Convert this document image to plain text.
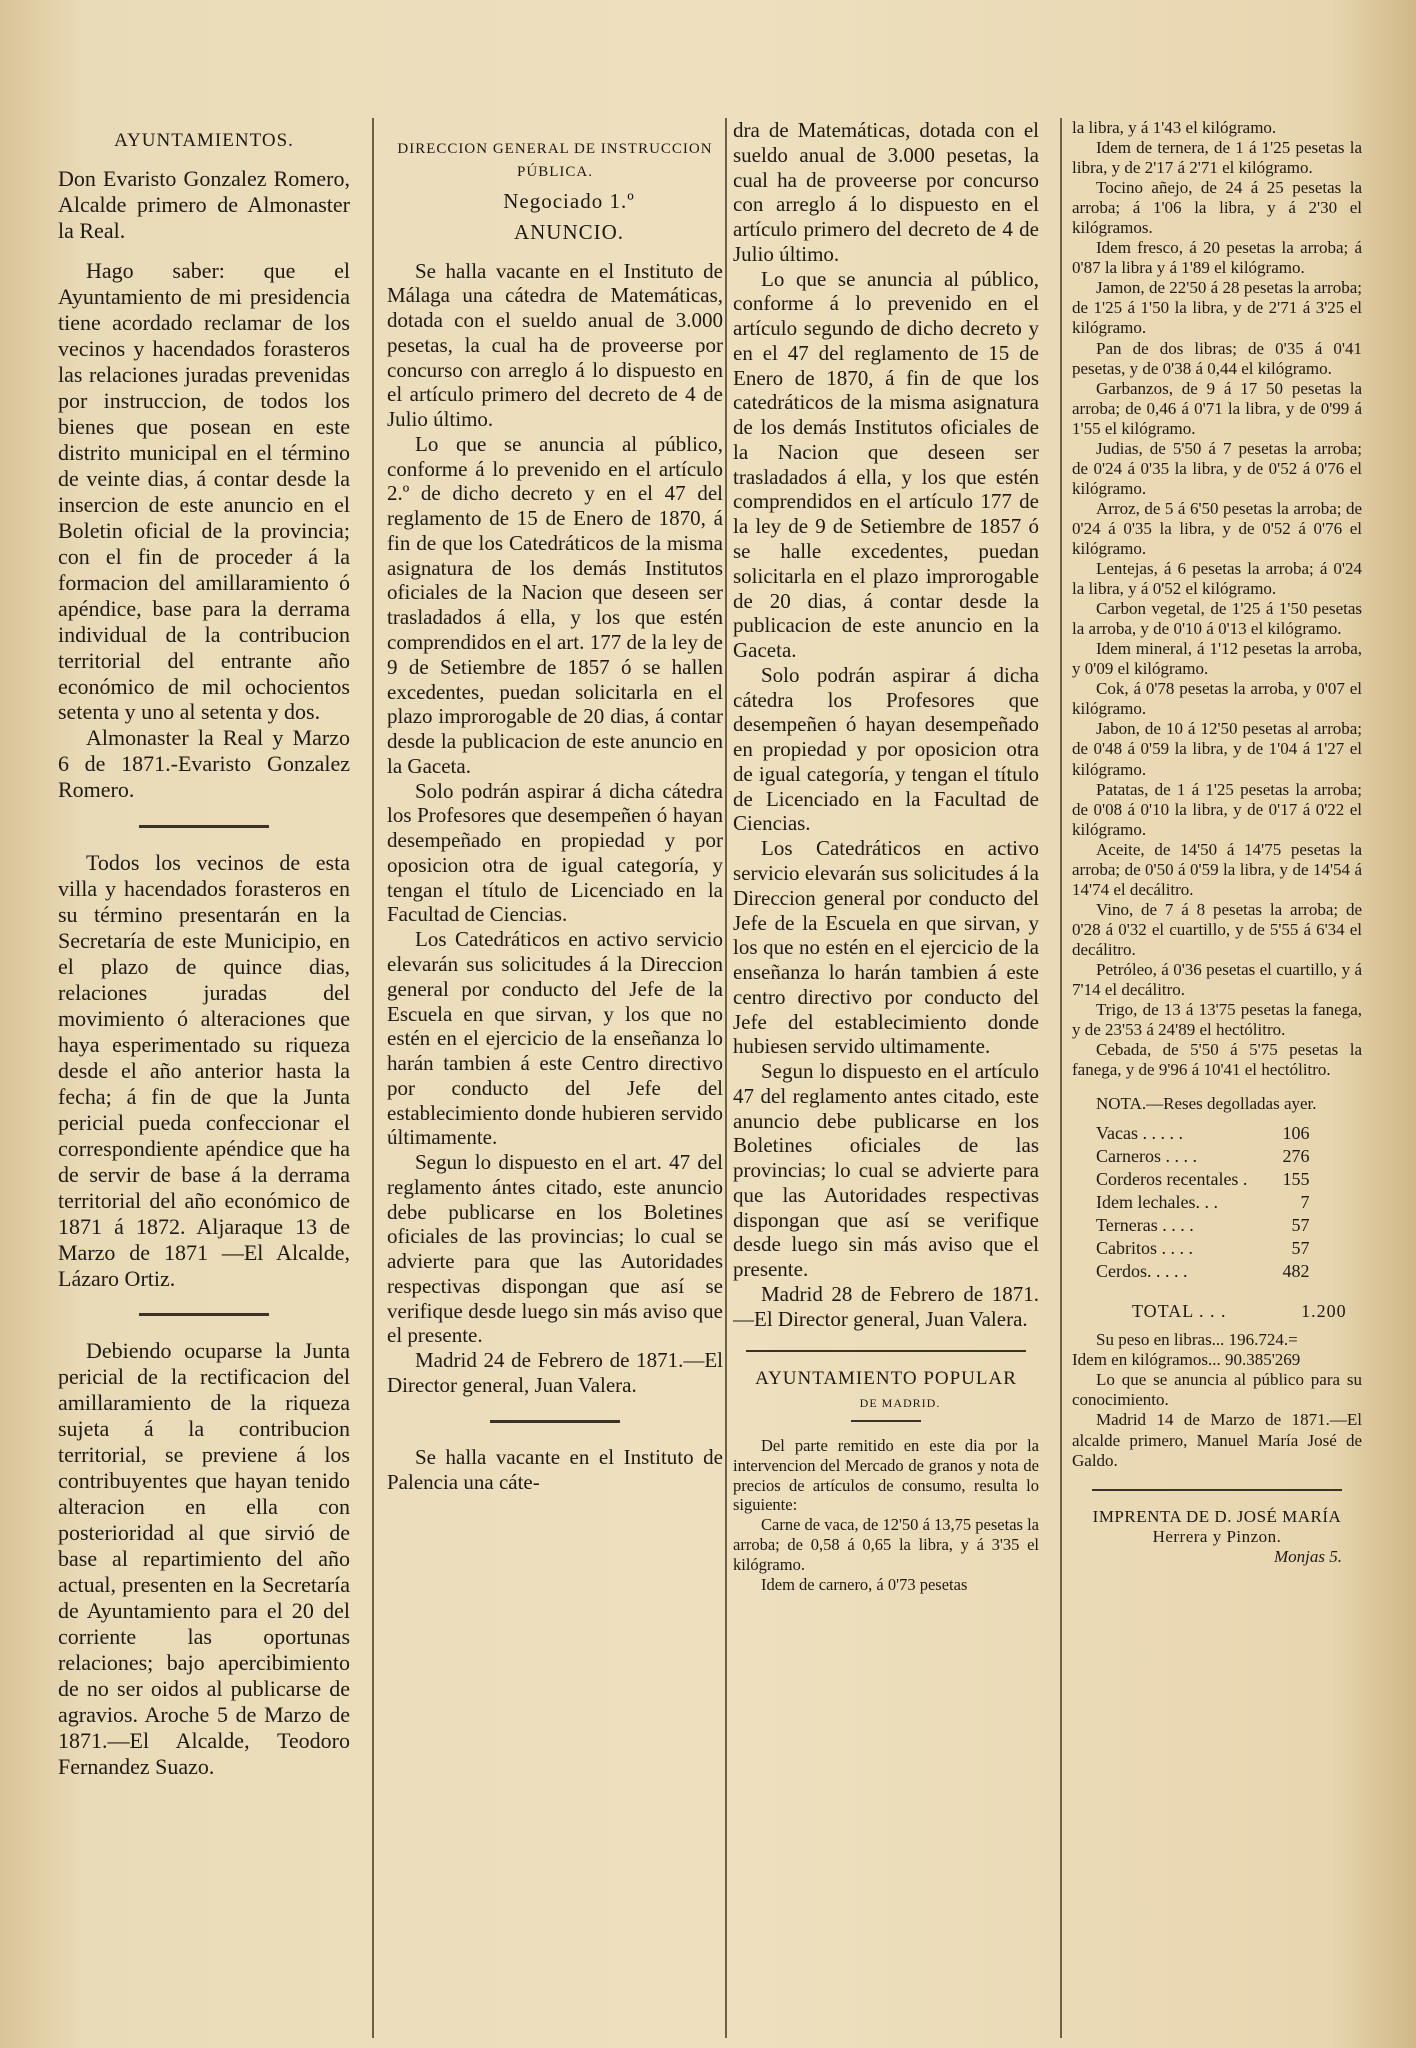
AYUNTAMIENTOS.

Don Evaristo Gonzalez Romero, Alcalde primero de Almonaster la Real.

Hago saber: que el Ayuntamiento de mi presidencia tiene acordado reclamar de los vecinos y hacendados forasteros las relaciones juradas prevenidas por instruccion, de todos los bienes que posean en este distrito municipal en el término de veinte dias, á contar desde la insercion de este anuncio en el Boletin oficial de la provincia; con el fin de proceder á la formacion del amillaramiento ó apéndice, base para la derrama individual de la contribucion territorial del entrante año económico de mil ochocientos setenta y uno al setenta y dos.

Almonaster la Real y Marzo 6 de 1871.-Evaristo Gonzalez Romero.

Todos los vecinos de esta villa y hacendados forasteros en su término presentarán en la Secretaría de este Municipio, en el plazo de quince dias, relaciones juradas del movimiento ó alteraciones que haya esperimentado su riqueza desde el año anterior hasta la fecha; á fin de que la Junta pericial pueda confeccionar el correspondiente apéndice que ha de servir de base á la derrama territorial del año económico de 1871 á 1872. Aljaraque 13 de Marzo de 1871 —El Alcalde, Lázaro Ortiz.

Debiendo ocuparse la Junta pericial de la rectificacion del amillaramiento de la riqueza sujeta á la contribucion territorial, se previene á los contribuyentes que hayan tenido alteracion en ella con posterioridad al que sirvió de base al repartimiento del año actual, presenten en la Secretaría de Ayuntamiento para el 20 del corriente las oportunas relaciones; bajo apercibimiento de no ser oidos al publicarse de agravios. Aroche 5 de Marzo de 1871.—El Alcalde, Teodoro Fernandez Suazo.

DIRECCION GENERAL DE INSTRUCCION PÚBLICA.

Negociado 1.º

ANUNCIO.

Se halla vacante en el Instituto de Málaga una cátedra de Matemáticas, dotada con el sueldo anual de 3.000 pesetas, la cual ha de proveerse por concurso con arreglo á lo dispuesto en el artículo primero del decreto de 4 de Julio último.

Lo que se anuncia al público, conforme á lo prevenido en el artículo 2.º de dicho decreto y en el 47 del reglamento de 15 de Enero de 1870, á fin de que los Catedráticos de la misma asignatura de los demás Institutos oficiales de la Nacion que deseen ser trasladados á ella, y los que estén comprendidos en el art. 177 de la ley de 9 de Setiembre de 1857 ó se hallen excedentes, puedan solicitarla en el plazo improrogable de 20 dias, á contar desde la publicacion de este anuncio en la Gaceta.

Solo podrán aspirar á dicha cátedra los Profesores que desempeñen ó hayan desempeñado en propiedad y por oposicion otra de igual categoría, y tengan el título de Licenciado en la Facultad de Ciencias.

Los Catedráticos en activo servicio elevarán sus solicitudes á la Direccion general por conducto del Jefe de la Escuela en que sirvan, y los que no estén en el ejercicio de la enseñanza lo harán tambien á este Centro directivo por conducto del Jefe del establecimiento donde hubieren servido últimamente.

Segun lo dispuesto en el art. 47 del reglamento ántes citado, este anuncio debe publicarse en los Boletines oficiales de las provincias; lo cual se advierte para que las Autoridades respectivas dispongan que así se verifique desde luego sin más aviso que el presente.

Madrid 24 de Febrero de 1871.—El Director general, Juan Valera.

Se halla vacante en el Instituto de Palencia una cáte-

dra de Matemáticas, dotada con el sueldo anual de 3.000 pesetas, la cual ha de proveerse por concurso con arreglo á lo dispuesto en el artículo primero del decreto de 4 de Julio último.

Lo que se anuncia al público, conforme á lo prevenido en el artículo segundo de dicho decreto y en el 47 del reglamento de 15 de Enero de 1870, á fin de que los catedráticos de la misma asignatura de los demás Institutos oficiales de la Nacion que deseen ser trasladados á ella, y los que estén comprendidos en el artículo 177 de la ley de 9 de Setiembre de 1857 ó se halle excedentes, puedan solicitarla en el plazo improrogable de 20 dias, á contar desde la publicacion de este anuncio en la Gaceta.

Solo podrán aspirar á dicha cátedra los Profesores que desempeñen ó hayan desempeñado en propiedad y por oposicion otra de igual categoría, y tengan el título de Licenciado en la Facultad de Ciencias.

Los Catedráticos en activo servicio elevarán sus solicitudes á la Direccion general por conducto del Jefe de la Escuela en que sirvan, y los que no estén en el ejercicio de la enseñanza lo harán tambien á este centro directivo por conducto del Jefe del establecimiento donde hubiesen servido ultimamente.

Segun lo dispuesto en el artículo 47 del reglamento antes citado, este anuncio debe publicarse en los Boletines oficiales de las provincias; lo cual se advierte para que las Autoridades respectivas dispongan que así se verifique desde luego sin más aviso que el presente.

Madrid 28 de Febrero de 1871.—El Director general, Juan Valera.

AYUNTAMIENTO POPULAR

DE MADRID.

Del parte remitido en este dia por la intervencion del Mercado de granos y nota de precios de artículos de consumo, resulta lo siguiente:

Carne de vaca, de 12'50 á 13,75 pesetas la arroba; de 0,58 á 0,65 la libra, y á 3'35 el kilógramo.

Idem de carnero, á 0'73 pesetas

la libra, y á 1'43 el kilógramo.

Idem de ternera, de 1 á 1'25 pesetas la libra, y de 2'17 á 2'71 el kilógramo.

Tocino añejo, de 24 á 25 pesetas la arroba; á 1'06 la libra, y á 2'30 el kilógramos.

Idem fresco, á 20 pesetas la arroba; á 0'87 la libra y á 1'89 el kilógramo.

Jamon, de 22'50 á 28 pesetas la arroba; de 1'25 á 1'50 la libra, y de 2'71 á 3'25 el kilógramo.

Pan de dos libras; de 0'35 á 0'41 pesetas, y de 0'38 á 0,44 el kilógramo.

Garbanzos, de 9 á 17 50 pesetas la arroba; de 0,46 á 0'71 la libra, y de 0'99 á 1'55 el kilógramo.

Judias, de 5'50 á 7 pesetas la arroba; de 0'24 á 0'35 la libra, y de 0'52 á 0'76 el kilógramo.

Arroz, de 5 á 6'50 pesetas la arroba; de 0'24 á 0'35 la libra, y de 0'52 á 0'76 el kilógramo.

Lentejas, á 6 pesetas la arroba; á 0'24 la libra, y á 0'52 el kilógramo.

Carbon vegetal, de 1'25 á 1'50 pesetas la arroba, y de 0'10 á 0'13 el kilógramo.

Idem mineral, á 1'12 pesetas la arroba, y 0'09 el kilógramo.

Cok, á 0'78 pesetas la arroba, y 0'07 el kilógramo.

Jabon, de 10 á 12'50 pesetas al arroba; de 0'48 á 0'59 la libra, y de 1'04 á 1'27 el kilógramo.

Patatas, de 1 á 1'25 pesetas la arroba; de 0'08 á 0'10 la libra, y de 0'17 á 0'22 el kilógramo.

Aceite, de 14'50 á 14'75 pesetas la arroba; de 0'50 á 0'59 la libra, y de 14'54 á 14'74 el decálitro.

Vino, de 7 á 8 pesetas la arroba; de 0'28 á 0'32 el cuartillo, y de 5'55 á 6'34 el decálitro.

Petróleo, á 0'36 pesetas el cuartillo, y á 7'14 el decálitro.

Trigo, de 13 á 13'75 pesetas la fanega, y de 23'53 á 24'89 el hectólitro.

Cebada, de 5'50 á 5'75 pesetas la fanega, y de 9'96 á 10'41 el hectólitro.

NOTA.—Reses degolladas ayer.

Vacas . . . . .	106
Carneros . . . .	276
Corderos recentales .	155
Idem lechales. . .	7
Terneras . . . .	57
Cabritos . . . .	57
Cerdos. . . . .	482
TOTAL . . .	1.200

Su peso en libras... 196.724.=

Idem en kilógramos... 90.385'269

Lo que se anuncia al público para su conocimiento.

Madrid 14 de Marzo de 1871.—El alcalde primero, Manuel María José de Galdo.

IMPRENTA DE D. JOSÉ MARÍA Herrera y Pinzon.

Monjas 5.
